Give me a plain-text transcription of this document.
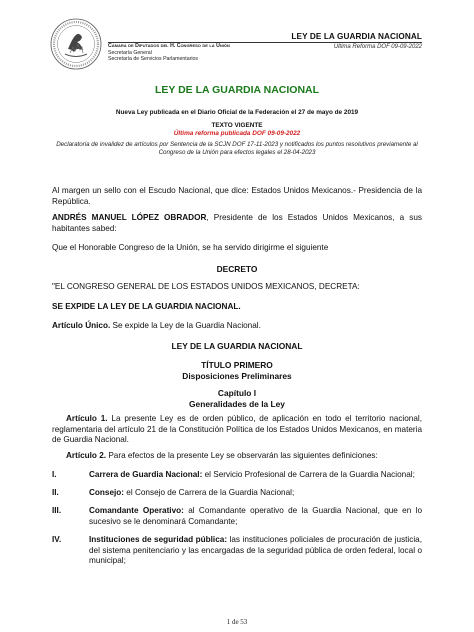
Cámara de Diputados del H. Congreso de la Unión
Secretaría General
Secretaría de Servicios Parlamentarios
LEY DE LA GUARDIA NACIONAL
Última Reforma DOF 09-09-2022
LEY DE LA GUARDIA NACIONAL
Nueva Ley publicada en el Diario Oficial de la Federación el 27 de mayo de 2019
TEXTO VIGENTE
Última reforma publicada DOF 09-09-2022
Declaratoria de invalidez de artículos por Sentencia de la SCJN DOF 17-11-2023 y notificados los puntos resolutivos previamente al Congreso de la Unión para efectos legales el 28-04-2023
Al margen un sello con el Escudo Nacional, que dice: Estados Unidos Mexicanos.- Presidencia de la República.
ANDRÉS MANUEL LÓPEZ OBRADOR, Presidente de los Estados Unidos Mexicanos, a sus habitantes sabed:
Que el Honorable Congreso de la Unión, se ha servido dirigirme el siguiente
DECRETO
"EL CONGRESO GENERAL DE LOS ESTADOS UNIDOS MEXICANOS, DECRETA:
SE EXPIDE LA LEY DE LA GUARDIA NACIONAL.
Artículo Único. Se expide la Ley de la Guardia Nacional.
LEY DE LA GUARDIA NACIONAL
TÍTULO PRIMERO
Disposiciones Preliminares
Capítulo I
Generalidades de la Ley
Artículo 1. La presente Ley es de orden público, de aplicación en todo el territorio nacional, reglamentaria del artículo 21 de la Constitución Política de los Estados Unidos Mexicanos, en materia de Guardia Nacional.
Artículo 2. Para efectos de la presente Ley se observarán las siguientes definiciones:
I.	Carrera de Guardia Nacional: el Servicio Profesional de Carrera de la Guardia Nacional;
II.	Consejo: el Consejo de Carrera de la Guardia Nacional;
III.	Comandante Operativo: al Comandante operativo de la Guardia Nacional, que en lo sucesivo se le denominará Comandante;
IV.	Instituciones de seguridad pública: las instituciones policiales de procuración de justicia, del sistema penitenciario y las encargadas de la seguridad pública de orden federal, local o municipal;
1 de 53
